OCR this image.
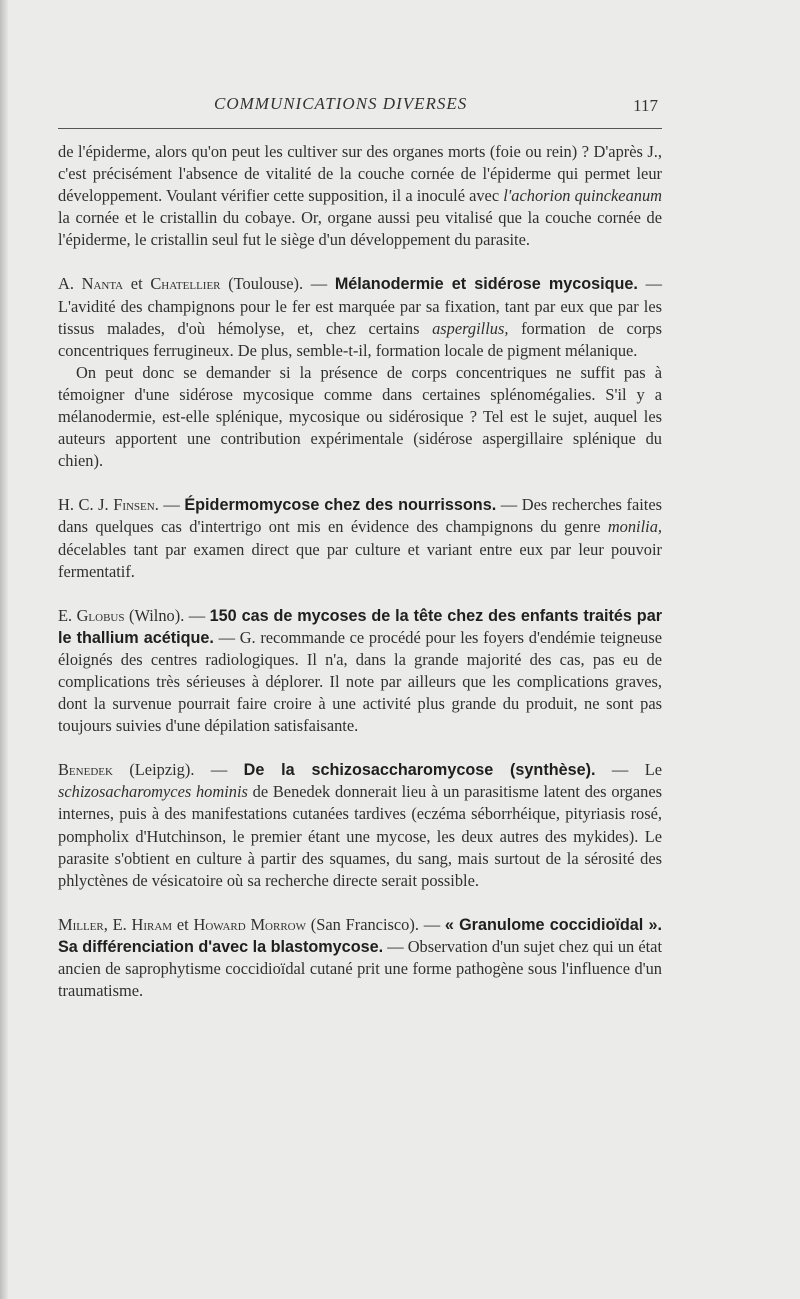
COMMUNICATIONS DIVERSES	117

de l'épiderme, alors qu'on peut les cultiver sur des organes morts (foie ou rein) ? D'après J., c'est précisément l'absence de vitalité de la couche cornée de l'épiderme qui permet leur développement. Voulant vérifier cette supposition, il a inoculé avec l'achorion quinckeanum la cornée et le cristallin du cobaye. Or, organe aussi peu vitalisé que la couche cornée de l'épiderme, le cristallin seul fut le siège d'un développement du parasite.

A. Nanta et Chatellier (Toulouse). — Mélanodermie et sidérose mycosique. — L'avidité des champignons pour le fer est marquée par sa fixation, tant par eux que par les tissus malades, d'où hémolyse, et, chez certains aspergillus, formation de corps concentriques ferrugineux. De plus, semble-t-il, formation locale de pigment mélanique.

On peut donc se demander si la présence de corps concentriques ne suffit pas à témoigner d'une sidérose mycosique comme dans certaines splénomégalies. S'il y a mélanodermie, est-elle splénique, mycosique ou sidérosique ? Tel est le sujet, auquel les auteurs apportent une contribution expérimentale (sidérose aspergillaire splénique du chien).

H. C. J. Finsen. — Épidermomycose chez des nourrissons. — Des recherches faites dans quelques cas d'intertrigo ont mis en évidence des champignons du genre monilia, décelables tant par examen direct que par culture et variant entre eux par leur pouvoir fermentatif.

E. Globus (Wilno). — 150 cas de mycoses de la tête chez des enfants traités par le thallium acétique. — G. recommande ce procédé pour les foyers d'endémie teigneuse éloignés des centres radiologiques. Il n'a, dans la grande majorité des cas, pas eu de complications très sérieuses à déplorer. Il note par ailleurs que les complications graves, dont la survenue pourrait faire croire à une activité plus grande du produit, ne sont pas toujours suivies d'une dépilation satisfaisante.

Benedek (Leipzig). — De la schizosaccharomycose (synthèse). — Le schizosacharomyces hominis de Benedek donnerait lieu à un parasitisme latent des organes internes, puis à des manifestations cutanées tardives (eczéma séborrhéique, pityriasis rosé, pompholix d'Hutchinson, le premier étant une mycose, les deux autres des mykides). Le parasite s'obtient en culture à partir des squames, du sang, mais surtout de la sérosité des phlyctènes de vésicatoire où sa recherche directe serait possible.

Miller, E. Hiram et Howard Morrow (San Francisco). — « Granulome coccidioïdal ». Sa différenciation d'avec la blastomycose. — Observation d'un sujet chez qui un état ancien de saprophytisme coccidioïdal cutané prit une forme pathogène sous l'influence d'un traumatisme.
